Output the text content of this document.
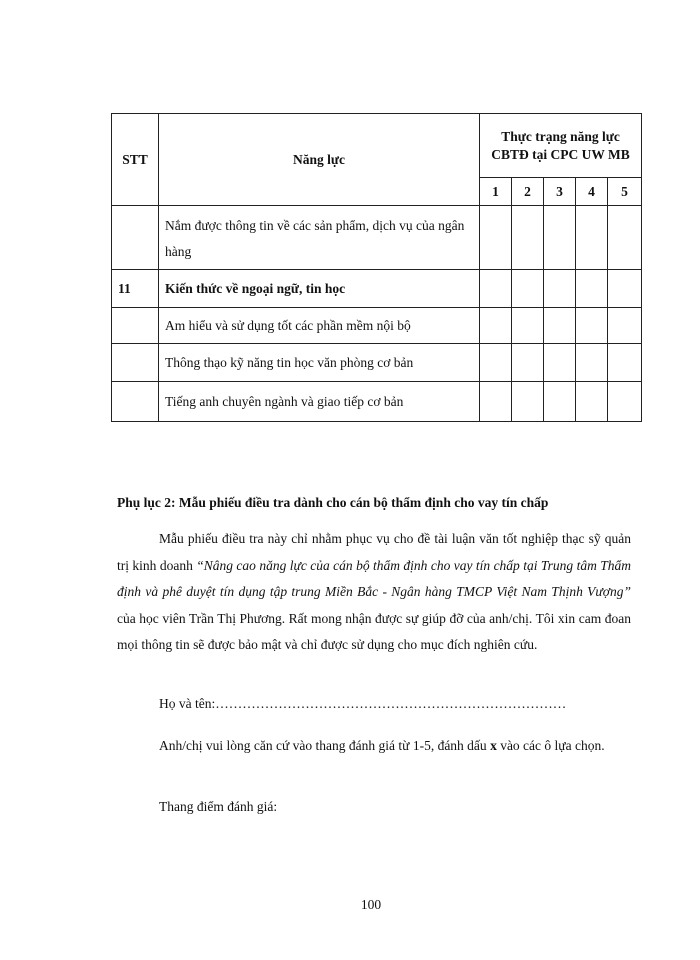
STT	Năng lực	Thực trạng năng lực CBTĐ tại CPC UW MB				
		1	2	3	4	5
	Nắm được thông tin về các sản phẩm, dịch vụ của ngân hàng					
11	Kiến thức về ngoại ngữ, tin học					
	Am hiểu và sử dụng tốt các phần mềm nội bộ					
	Thông thạo kỹ năng tin học văn phòng cơ bản					
	Tiếng anh chuyên ngành và giao tiếp cơ bản					

Phụ lục 2: Mẫu phiếu điều tra dành cho cán bộ thẩm định cho vay tín chấp

Mẫu phiếu điều tra này chỉ nhằm phục vụ cho đề tài luận văn tốt nghiệp thạc sỹ quản trị kinh doanh “Nâng cao năng lực của cán bộ thẩm định cho vay tín chấp tại Trung tâm Thẩm định và phê duyệt tín dụng tập trung Miền Bắc - Ngân hàng TMCP Việt Nam Thịnh Vượng” của học viên Trần Thị Phương. Rất mong nhận được sự giúp đỡ của anh/chị. Tôi xin cam đoan mọi thông tin sẽ được bảo mật và chỉ được sử dụng cho mục đích nghiên cứu.

Họ và tên:……………………………………………………………………

Anh/chị vui lòng căn cứ vào thang đánh giá từ 1-5, đánh dấu x vào các ô lựa chọn.

Thang điểm đánh giá:

100
